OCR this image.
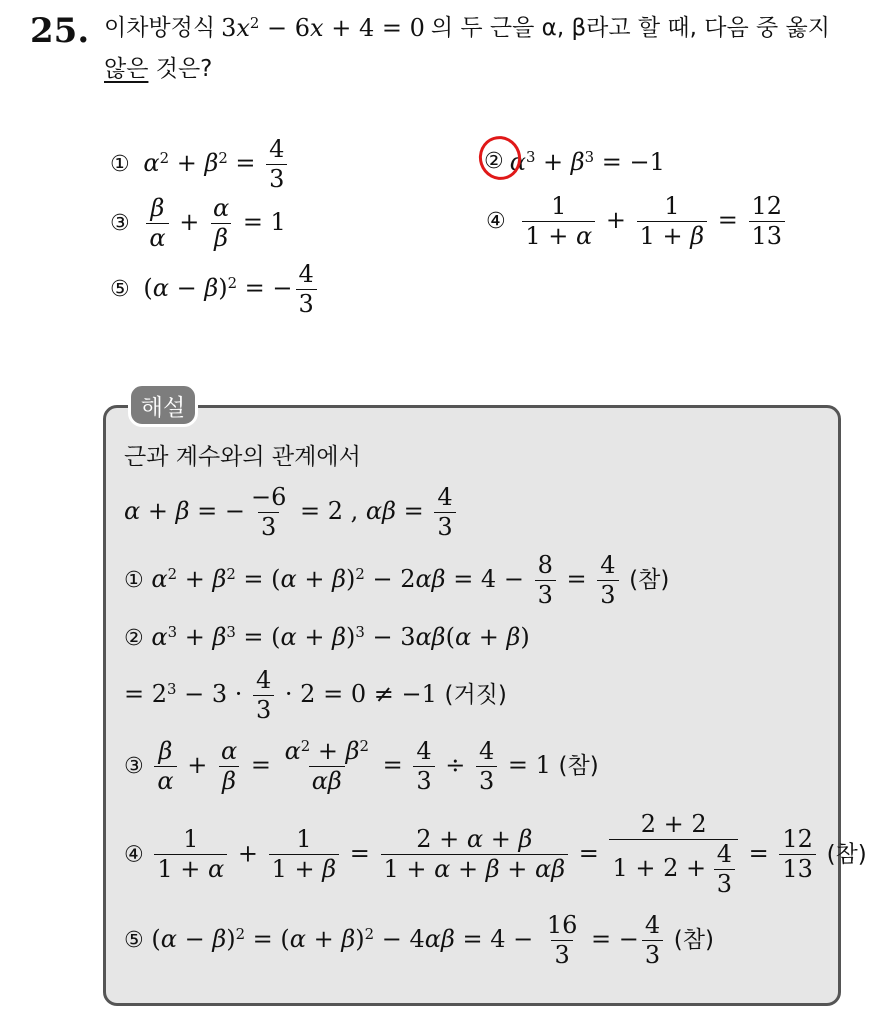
25. 이차방정식 $3x^2 - 6x + 4 = 0$ 의 두 근을 α, β라고 할 때, 다음 중 옳지
않은 것은?
① $\alpha^2 + \beta^2 = \frac{4}{3}$	② $\alpha^3 + \beta^3 = -1$
③
$\frac{\beta}{\alpha} + \frac{\alpha}{\beta} = 1$	④
$\frac{1}{1 + \alpha} + \frac{1}{1 + \beta} = \frac{12}{13}$
⑤ $(\alpha - \beta)^2$ = − $\frac{4}{3}$
해설
근과 계수와의 관계에서
α + β = − $\frac{-6}{3} = 2$ , $\alpha\beta = \frac{4}{3}$
① $\alpha^2 + \beta^2 = (\alpha + \beta)^2 - 2\alpha\beta = 4 - \frac{8}{3} = \frac{4}{3}$ (참)
② $\alpha^3 + \beta^3 = (\alpha + \beta)^3 - 3\alpha\beta(\alpha + \beta)$
= $2^3 - 3 \cdot \frac{4}{3} \cdot 2 = 0 \ne -1$ (거짓)
③ $\frac{\beta}{\alpha} + \frac{\alpha}{\beta} = \frac{\alpha^2 + \beta^2}{\alpha\beta} = \frac{4}{3} \div \frac{4}{3} = 1$ (참)
④ $\frac{1}{1 + \alpha} + \frac{1}{1 + \beta} = \frac{2 + \alpha + \beta}{1 + \alpha + \beta + \alpha\beta} = \frac{2 + 2}{1 + 2 + \frac{4}{3}} = \frac{12}{13}$ (참)
⑤ $(\alpha - \beta)^2 = (\alpha + \beta)^2 - 4\alpha\beta = 4 - \frac{16}{3}$ = − $\frac{4}{3}$ (참)
